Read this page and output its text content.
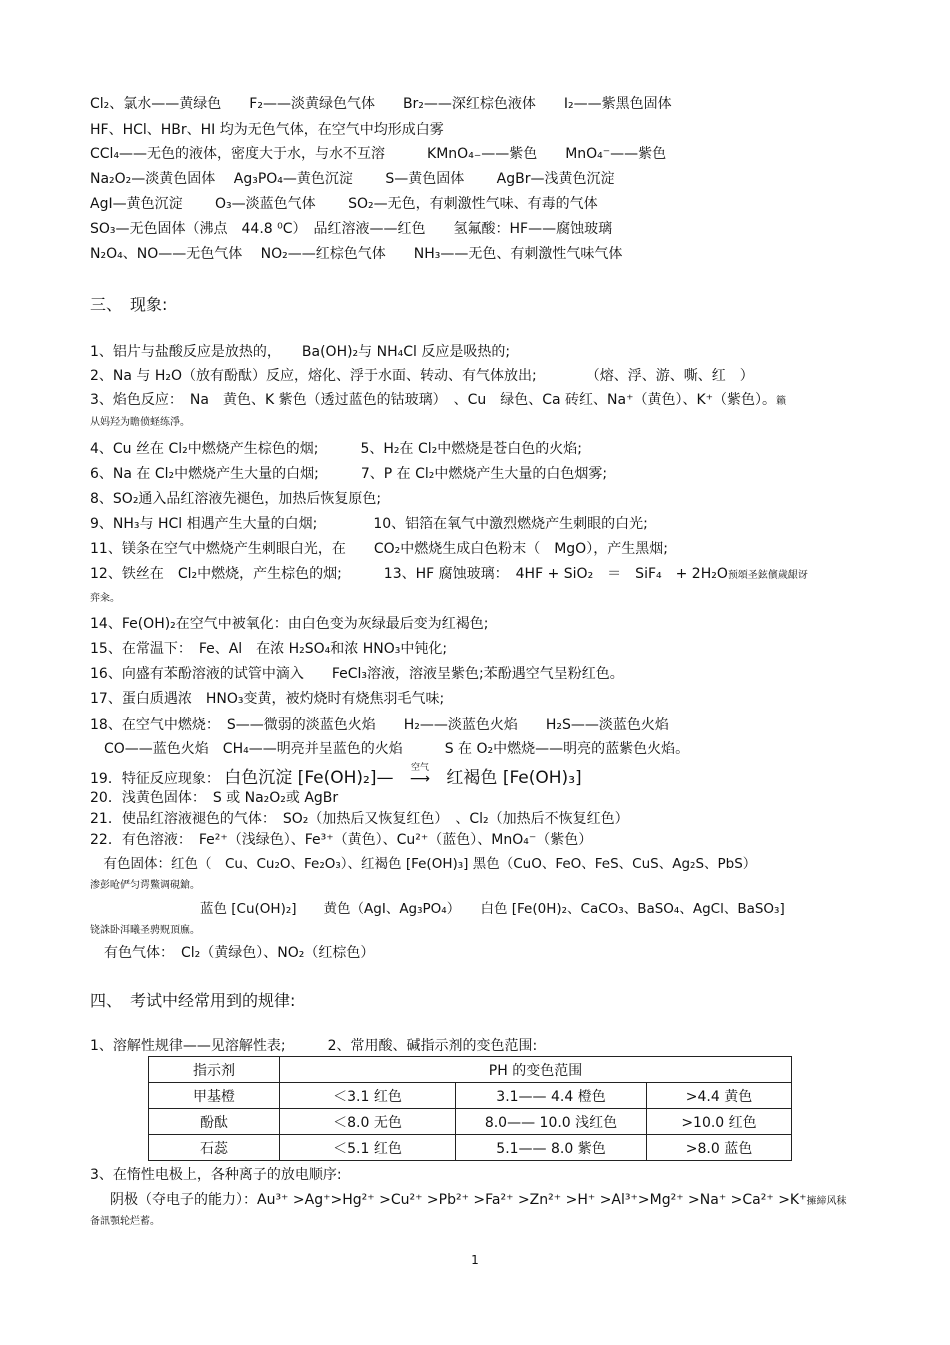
Cl₂、氯水——黄绿色　　F₂——淡黄绿色气体　　Br₂——深红棕色液体　　I₂——紫黑色固体
HF、HCl、HBr、HI 均为无色气体，在空气中均形成白雾
CCl₄——无色的液体，密度大于水，与水不互溶　　　KMnO₄₋——紫色　　MnO₄⁻——紫色
Na₂O₂—淡黄色固体　 Ag₃PO₄—黄色沉淀　　 S—黄色固体　　 AgBr—浅黄色沉淀
AgI—黄色沉淀　　 O₃—淡蓝色气体　　 SO₂—无色，有刺激性气味、有毒的气体
SO₃—无色固体（沸点　44.8 ⁰C）　品红溶液——红色　　氢氟酸：HF——腐蚀玻璃
N₂O₄、NO——无色气体　 NO₂——红棕色气体　　NH₃——无色、有刺激性气味气体
三、　现象:
1、铝片与盐酸反应是放热的，　　Ba(OH)₂与 NH₄Cl 反应是吸热的;
2、Na 与 H₂O（放有酚酞）反应，熔化、浮于水面、转动、有气体放出;　　　　（熔、浮、游、嘶、红　）
3、焰色反应：　Na　黄色、K 紫色（透过蓝色的钴玻璃）　、Cu　绿色、Ca 砖红、Na⁺（黄色）、K⁺（紫色）。籟
从妈羟为瞻偾蛏练淨。
4、Cu 丝在 Cl₂中燃烧产生棕色的烟;　　　5、H₂在 Cl₂中燃烧是苍白色的火焰;
6、Na 在 Cl₂中燃烧产生大量的白烟;　　　7、P 在 Cl₂中燃烧产生大量的白色烟雾;
8、SO₂通入品红溶液先褪色，加热后恢复原色;
9、NH₃与 HCl 相遇产生大量的白烟;　　　　10、铝箔在氧气中激烈燃烧产生刺眼的白光;
11、镁条在空气中燃烧产生刺眼白光，在　　CO₂中燃烧生成白色粉末（　MgO），产生黑烟;
12、铁丝在　Cl₂中燃烧，产生棕色的烟;　　　13、HF 腐蚀玻璃：　4HF + SiO₂　＝　SiF₄　+ 2H₂O预頌圣鉉儐歲龈讶
弈籴。
14、Fe(OH)₂在空气中被氧化：由白色变为灰绿最后变为红褐色;
15、在常温下：　Fe、Al　在浓 H₂SO₄和浓 HNO₃中钝化;
16、向盛有苯酚溶液的试管中滴入　　FeCl₃溶液，溶液呈紫色;苯酚遇空气呈粉红色。
17、蛋白质遇浓　HNO₃变黄，被灼烧时有烧焦羽毛气味;
18、在空气中燃烧：　S——微弱的淡蓝色火焰　　H₂——淡蓝色火焰　　H₂S——淡蓝色火焰
　CO——蓝色火焰　CH₄——明亮并呈蓝色的火焰　　　S 在 O₂中燃烧——明亮的蓝紫色火焰。
19．特征反应现象： 白色沉淀 [Fe(OH)₂]—	空气
⟶ 红褐色 [Fe(OH)₃]
20．浅黄色固体：　S 或 Na₂O₂或 AgBr
21．使品红溶液褪色的气体：　SO₂（加热后又恢复红色）　、Cl₂（加热后不恢复红色）
22．有色溶液：　Fe²⁺（浅绿色）、Fe³⁺（黄色）、Cu²⁺（蓝色）、MnO₄⁻（紫色）
　有色固体：红色（　Cu、Cu₂O、Fe₂O₃）、红褐色 [Fe(OH)₃] 黑色（CuO、FeO、FeS、CuS、Ag₂S、PbS）
渗彭呛俨匀谔鱉调硯鎗。
蓝色 [Cu(OH)₂]　　黄色（AgI、Ag₃PO₄）　　白色 [Fe(0H)₂、CaCO₃、BaSO₄、AgCl、BaSO₃]
铙誅卧洱曦圣骋贶頂廡。
　有色气体：　Cl₂（黄绿色）、NO₂（红棕色）
四、　考试中经常用到的规律:
1、溶解性规律——见溶解性表;　　　2、常用酸、碱指示剂的变色范围:
指示剂	PH 的变色范围		
甲基橙	＜3.1 红色	3.1—— 4.4 橙色	>4.4 黄色
酚酞	＜8.0 无色	8.0—— 10.0 浅红色	>10.0 红色
石蕊	＜5.1 红色	5.1—— 8.0 紫色	>8.0 蓝色
3、在惰性电极上，各种离子的放电顺序:
阴极（夺电子的能力）：Au³⁺ >Ag⁺>Hg²⁺ >Cu²⁺ >Pb²⁺ >Fa²⁺ >Zn²⁺ >H⁺ >Al³⁺>Mg²⁺ >Na⁺ >Ca²⁺ >K⁺擁締风秣
备訊顎轮烂蓄。
1
